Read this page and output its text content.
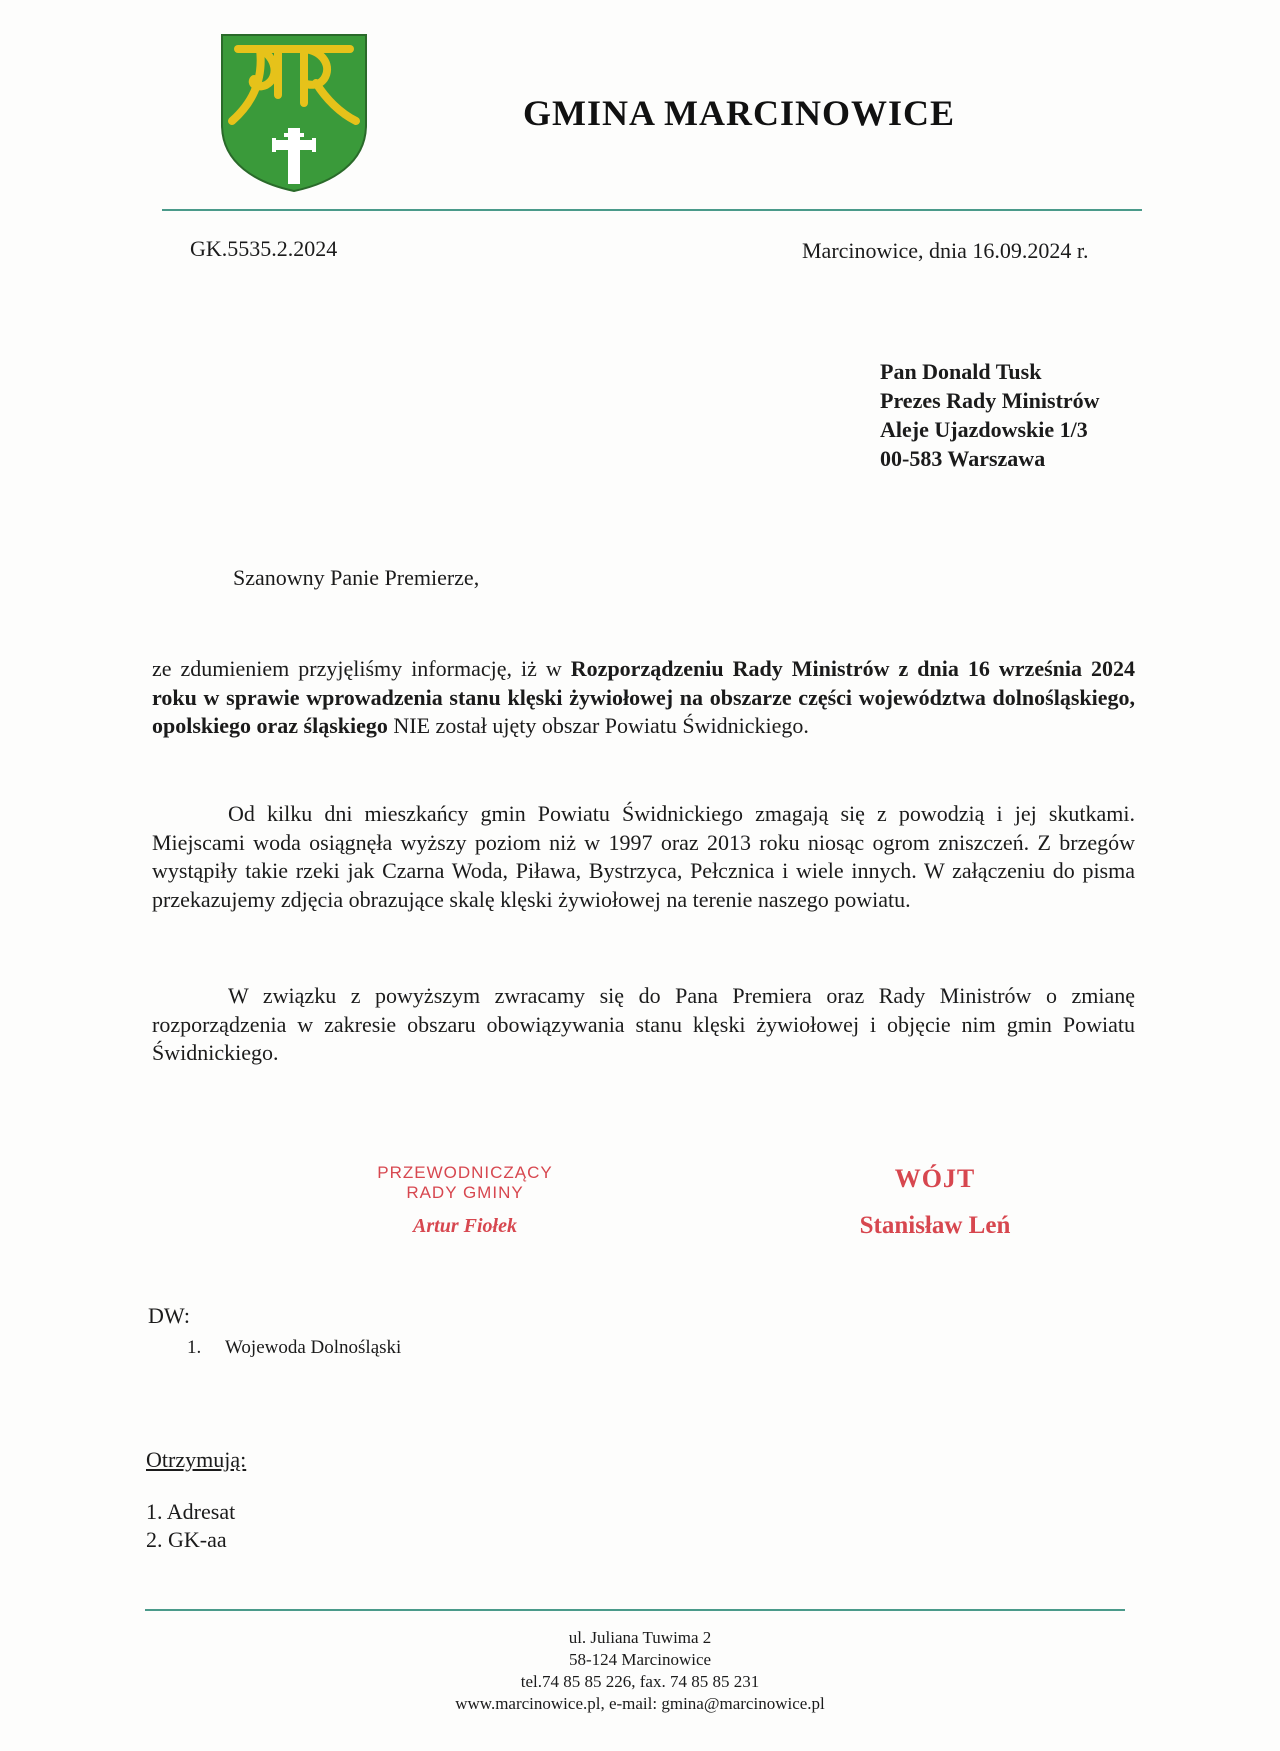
GMINA MARCINOWICE
GK.5535.2.2024	Marcinowice, dnia 16.09.2024 r.
Pan Donald Tusk
Prezes Rady Ministrów
Aleje Ujazdowskie 1/3
00-583 Warszawa
Szanowny Panie Premierze,
ze zdumieniem przyjęliśmy informację, iż w Rozporządzeniu Rady Ministrów z dnia 16 września 2024 roku w sprawie wprowadzenia stanu klęski żywiołowej na obszarze części województwa dolnośląskiego, opolskiego oraz śląskiego NIE został ujęty obszar Powiatu Świdnickiego.
Od kilku dni mieszkańcy gmin Powiatu Świdnickiego zmagają się z powodzią i jej skutkami. Miejscami woda osiągnęła wyższy poziom niż w 1997 oraz 2013 roku niosąc ogrom zniszczeń. Z brzegów wystąpiły takie rzeki jak Czarna Woda, Piława, Bystrzyca, Pełcznica i wiele innych. W załączeniu do pisma przekazujemy zdjęcia obrazujące skalę klęski żywiołowej na terenie naszego powiatu.
W związku z powyższym zwracamy się do Pana Premiera oraz Rady Ministrów o zmianę rozporządzenia w zakresie obszaru obowiązywania stanu klęski żywiołowej i objęcie nim gmin Powiatu Świdnickiego.
PRZEWODNICZĄCY
RADY GMINY
Artur Fiołek
WÓJT
Stanisław Leń
DW:
1. Wojewoda Dolnośląski
Otrzymują:
1. Adresat
2. GK-aa
ul. Juliana Tuwima 2
58-124 Marcinowice
tel.74 85 85 226, fax. 74 85 85 231
www.marcinowice.pl, e-mail: gmina@marcinowice.pl
